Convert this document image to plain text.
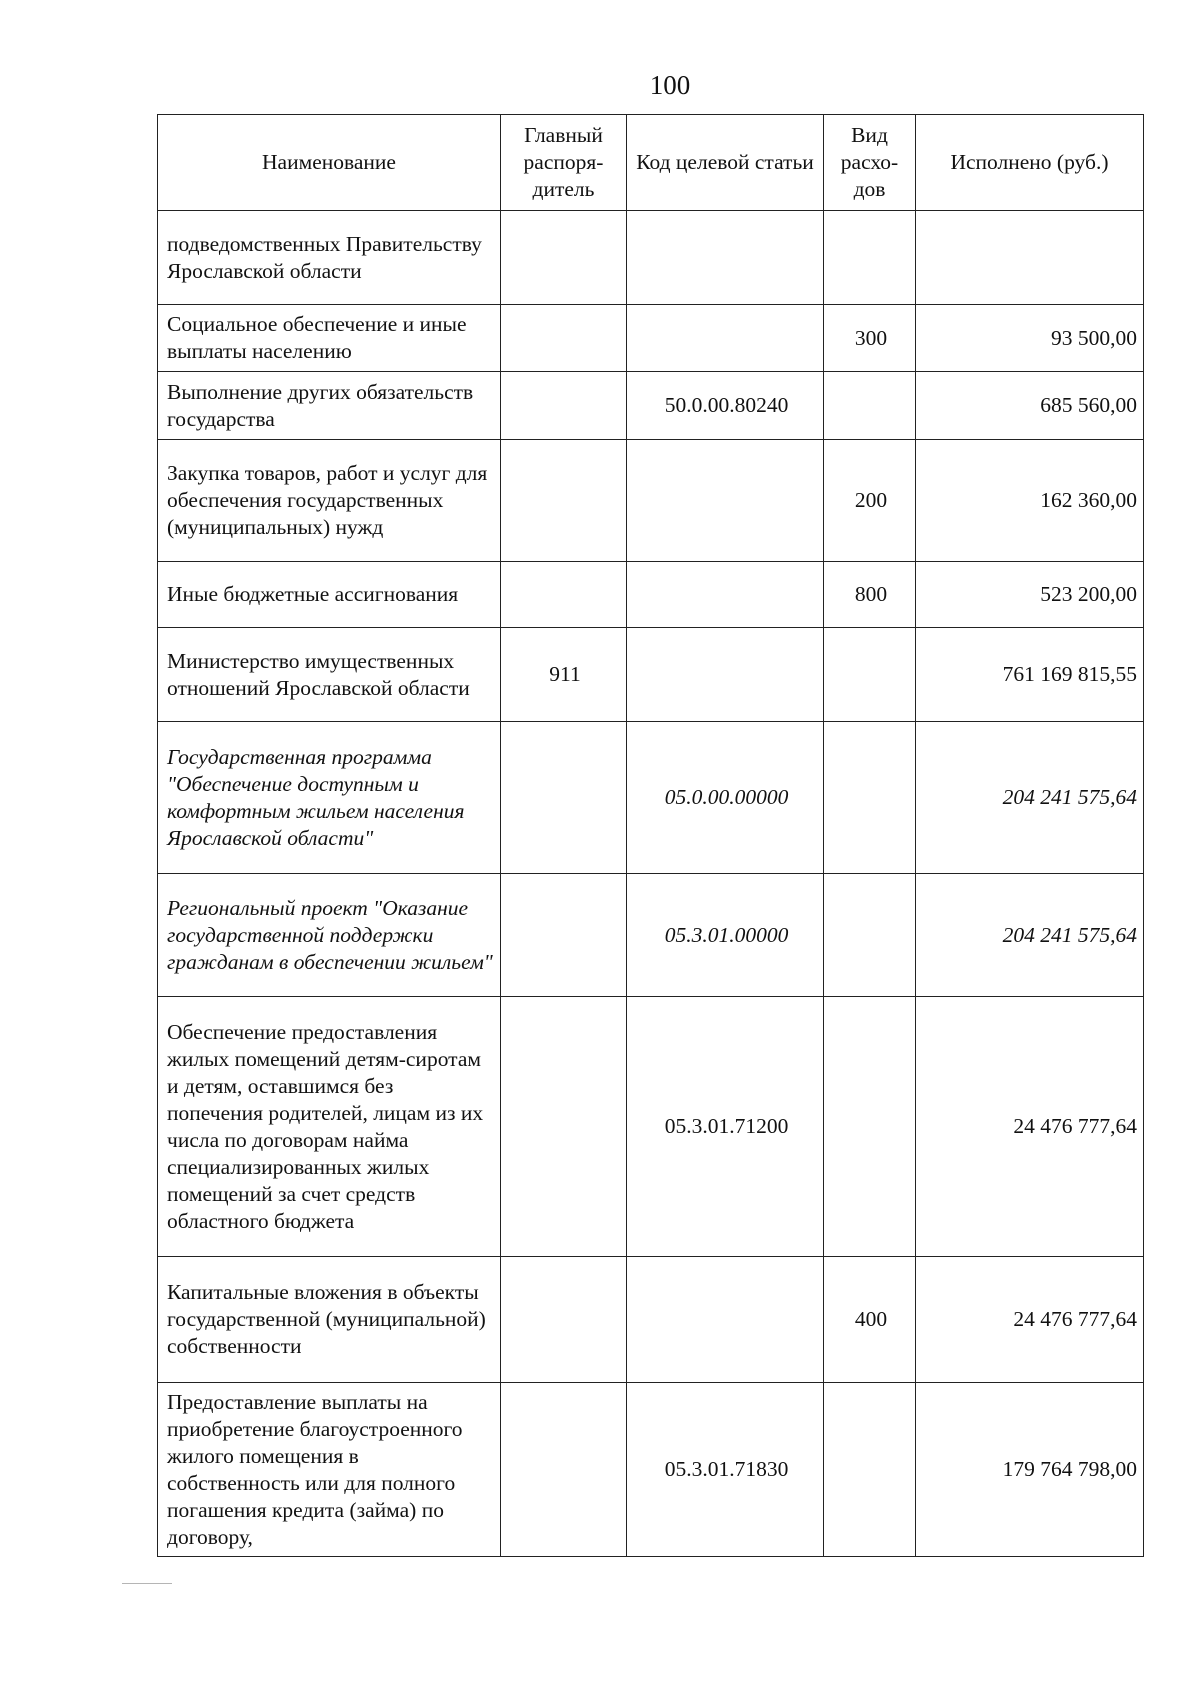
100
Наименование	Главный распоря-дитель	Код целевой статьи	Вид расхо-дов	Исполнено (руб.)
подведомственных Правительству Ярославской области				
Социальное обеспечение и иные выплаты населению			300	93 500,00
Выполнение других обязательств государства		50.0.00.80240		685 560,00
Закупка товаров, работ и услуг для обеспечения государственных (муниципальных) нужд			200	162 360,00
Иные бюджетные ассигнования			800	523 200,00
Министерство имущественных отношений Ярославской области	911			761 169 815,55
Государственная программа "Обеспечение доступным и комфортным жильем населения Ярославской области"		05.0.00.00000		204 241 575,64
Региональный проект "Оказание государственной поддержки гражданам в обеспечении жильем"		05.3.01.00000		204 241 575,64
Обеспечение предоставления жилых помещений детям-сиротам и детям, оставшимся без попечения родителей, лицам из их числа по договорам найма специализированных жилых помещений за счет средств областного бюджета		05.3.01.71200		24 476 777,64
Капитальные вложения в объекты государственной (муниципальной) собственности			400	24 476 777,64
Предоставление выплаты на приобретение благоустроенного жилого помещения в собственность или для полного погашения кредита (займа) по договору,		05.3.01.71830		179 764 798,00
